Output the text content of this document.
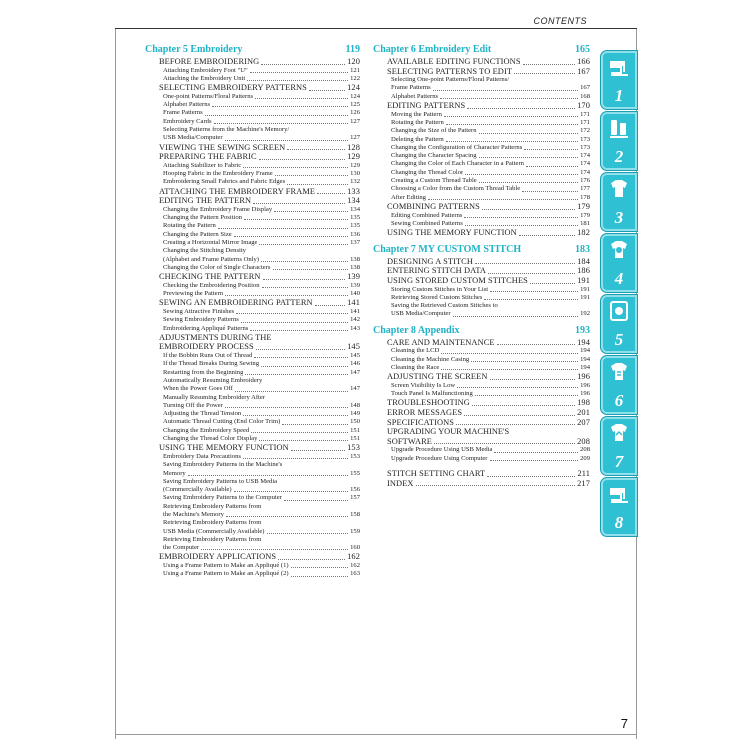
CONTENTS
Chapter 5 Embroidery	119
BEFORE EMBROIDERING	120
Attaching Embroidery Foot "U"	121
Attaching the Embroidery Unit	122
SELECTING EMBROIDERY PATTERNS	124
One-point Patterns/Floral Patterns	124
Alphabet Patterns	125
Frame Patterns	126
Embroidery Cards	127
Selecting Patterns from the Machine's Memory/
USB Media/Computer	127
VIEWING THE SEWING SCREEN	128
PREPARING THE FABRIC	129
Attaching Stabilizer to Fabric	129
Hooping Fabric in the Embroidery Frame	130
Embroidering Small Fabrics and Fabric Edges	132
ATTACHING THE EMBROIDERY FRAME	133
EDITING THE PATTERN	134
Changing the Embroidery Frame Display	134
Changing the Pattern Position	135
Rotating the Pattern	135
Changing the Pattern Size	136
Creating a Horizontal Mirror Image	137
Changing the Stitching Density
(Alphabet and Frame Patterns Only)	138
Changing the Color of Single Characters	138
CHECKING THE PATTERN	139
Checking the Embroidering Position	139
Previewing the Pattern	140
SEWING AN EMBROIDERING PATTERN	141
Sewing Attractive Finishes	141
Sewing Embroidery Patterns	142
Embroidering Appliqué Patterns	143
ADJUSTMENTS DURING THE
EMBROIDERY PROCESS	145
If the Bobbin Runs Out of Thread	145
If the Thread Breaks During Sewing	146
Restarting from the Beginning	147
Automatically Resuming Embroidery
When the Power Goes Off	147
Manually Resuming Embroidery After
Turning Off the Power	148
Adjusting the Thread Tension	149
Automatic Thread Cutting (End Color Trim)	150
Changing the Embroidery Speed	151
Changing the Thread Color Display	151
USING THE MEMORY FUNCTION	153
Embroidery Data Precautions	153
Saving Embroidery Patterns in the Machine's
Memory	155
Saving Embroidery Patterns to USB Media
(Commercially Available)	156
Saving Embroidery Patterns to the Computer	157
Retrieving Embroidery Patterns from
the Machine's Memory	158
Retrieving Embroidery Patterns from
USB Media (Commercially Available)	159
Retrieving Embroidery Patterns from
the Computer	160
EMBROIDERY APPLICATIONS	162
Using a Frame Pattern to Make an Appliqué (1)	162
Using a Frame Pattern to Make an Appliqué (2)	163
Chapter 6 Embroidery Edit	165
AVAILABLE EDITING FUNCTIONS	166
SELECTING PATTERNS TO EDIT	167
Selecting One-point Patterns/Floral Patterns/
Frame Patterns	167
Alphabet Patterns	168
EDITING PATTERNS	170
Moving the Pattern	171
Rotating the Pattern	171
Changing the Size of the Pattern	172
Deleting the Pattern	173
Changing the Configuration of Character Patterns	173
Changing the Character Spacing	174
Changing the Color of Each Character in a Pattern	174
Changing the Thread Color	174
Creating a Custom Thread Table	176
Choosing a Color from the Custom Thread Table	177
After Editing	178
COMBINING PATTERNS	179
Editing Combined Patterns	179
Sewing Combined Patterns	181
USING THE MEMORY FUNCTION	182
Chapter 7 MY CUSTOM STITCH	183
DESIGNING A STITCH	184
ENTERING STITCH DATA	186
USING STORED CUSTOM STITCHES	191
Storing Custom Stitches in Your List	191
Retrieving Stored Custom Stitches	191
Saving the Retrieved Custom Stitches to
USB Media/Computer	192
Chapter 8 Appendix	193
CARE AND MAINTENANCE	194
Cleaning the LCD	194
Cleaning the Machine Casing	194
Cleaning the Race	194
ADJUSTING THE SCREEN	196
Screen Visibility Is Low	196
Touch Panel Is Malfunctioning	196
TROUBLESHOOTING	198
ERROR MESSAGES	201
SPECIFICATIONS	207
UPGRADING YOUR MACHINE'S
SOFTWARE	208
Upgrade Procedure Using USB Media	208
Upgrade Procedure Using Computer	209
STITCH SETTING CHART	211
INDEX	217
1
2
3
4
5
6
7
8
7
